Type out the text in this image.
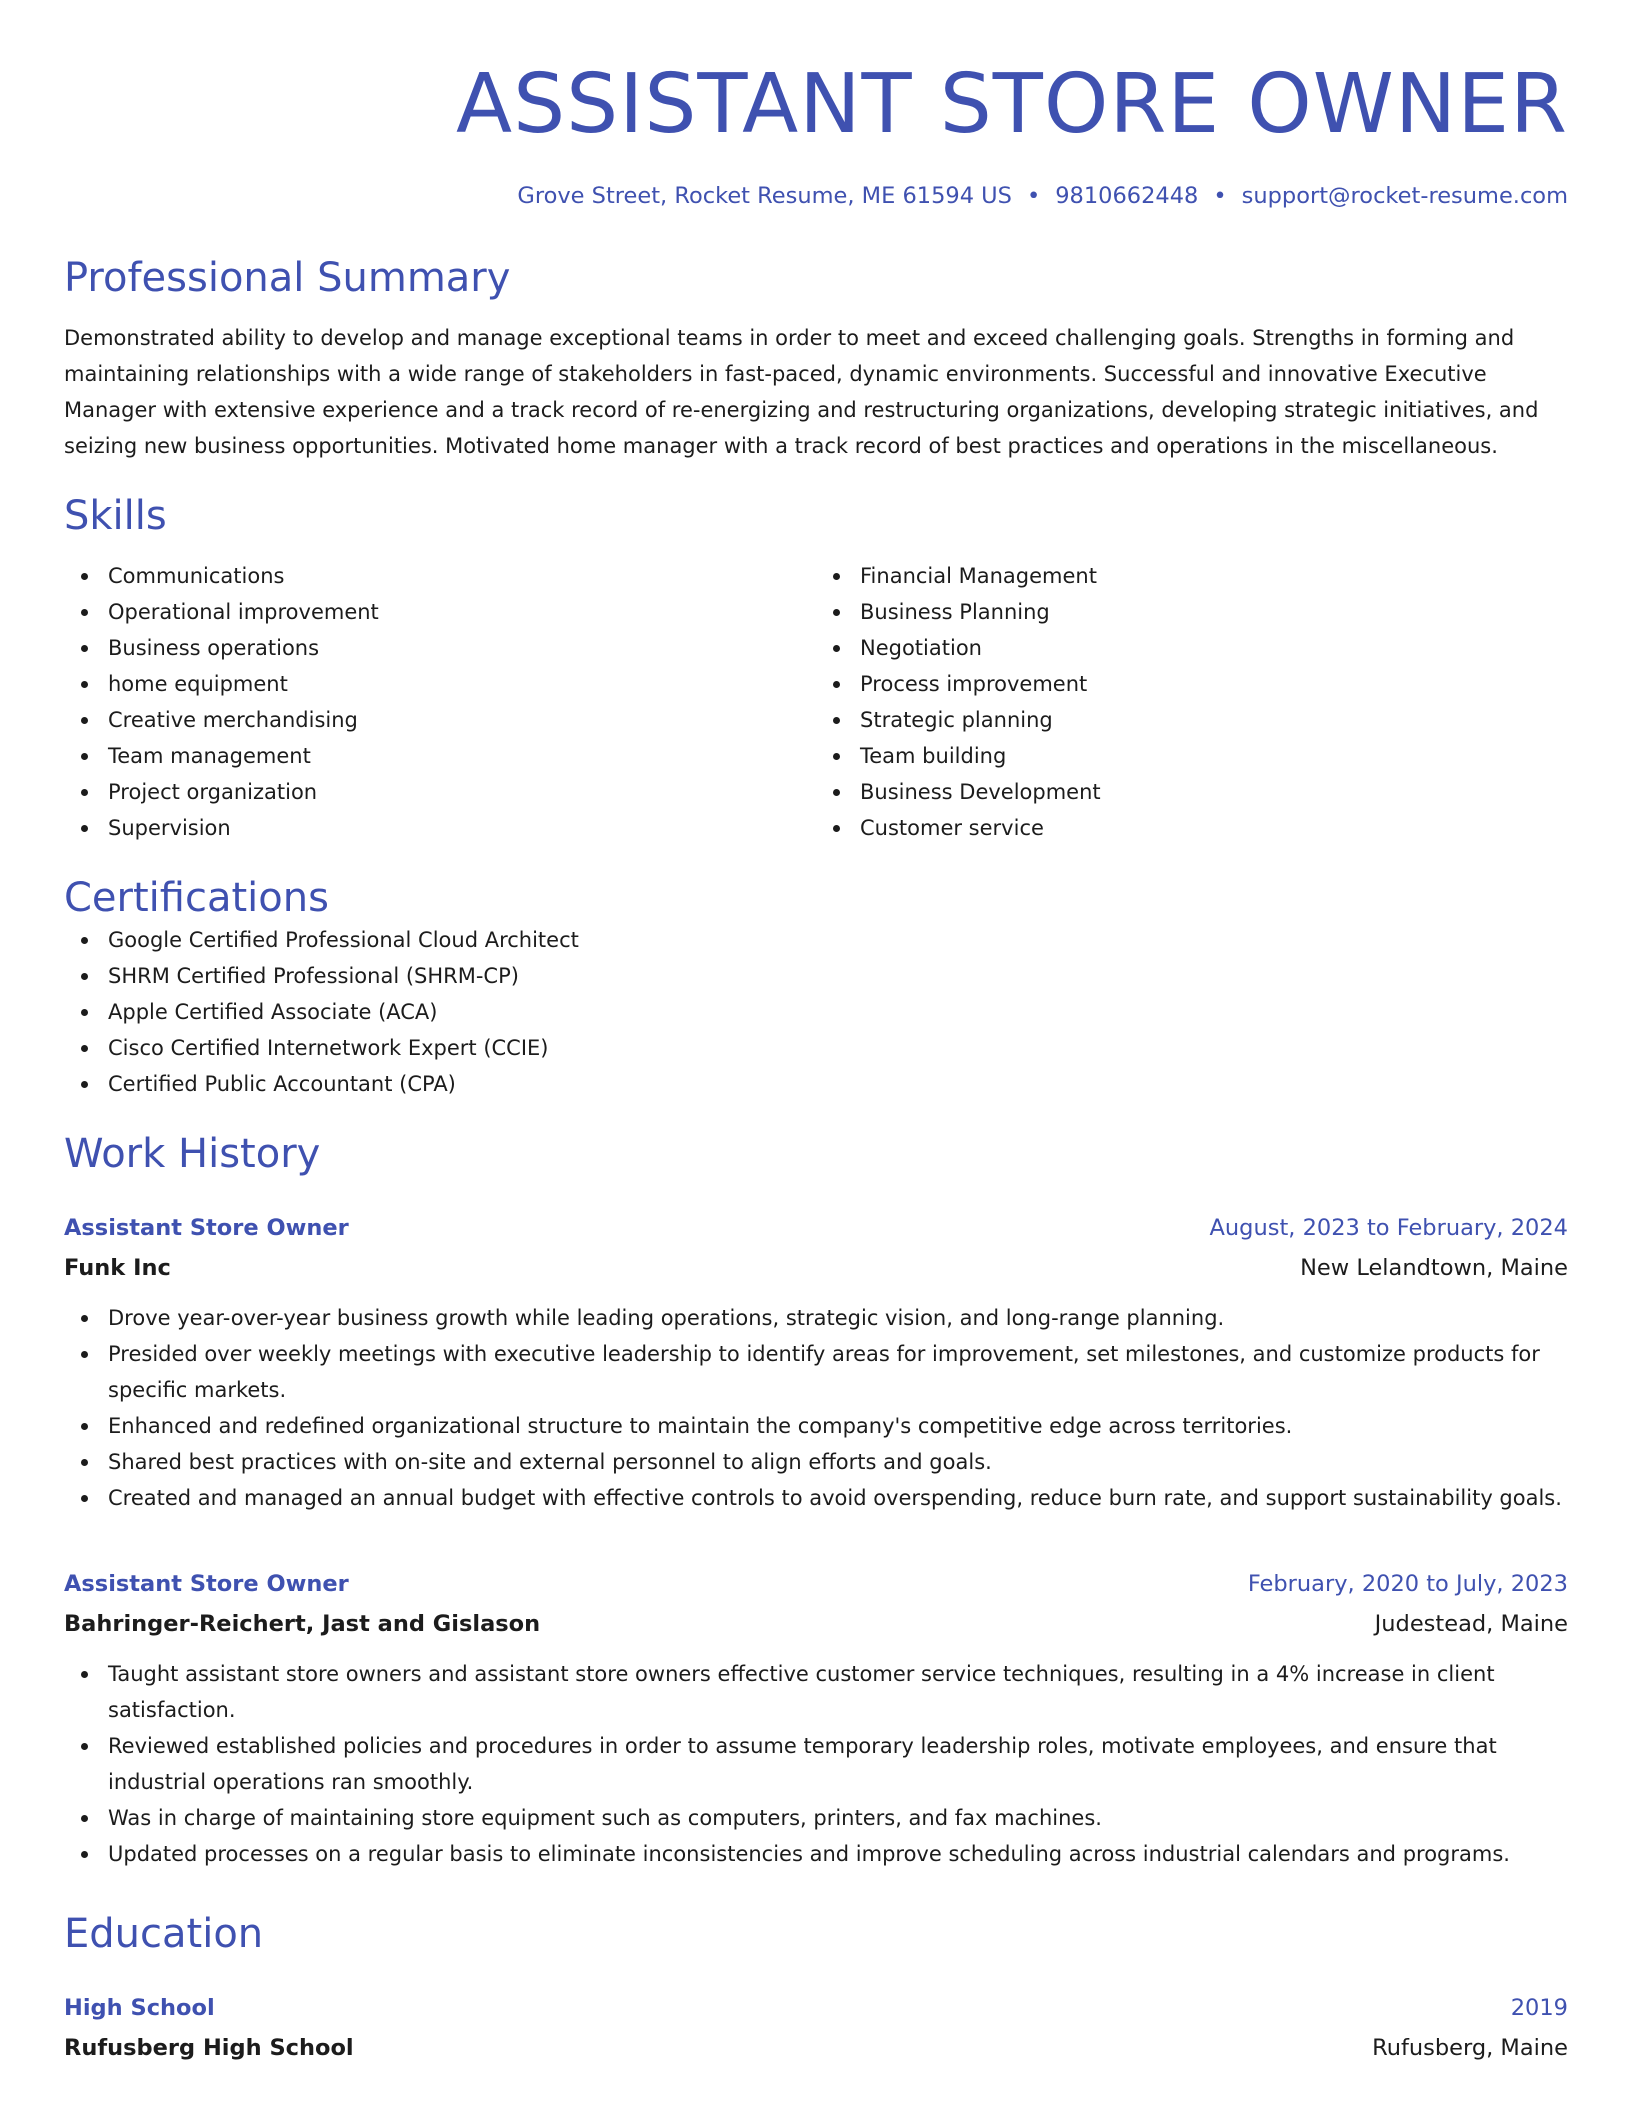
ASSISTANT STORE OWNER
Grove Street, Rocket Resume, ME 61594 US • 9810662448 • support@rocket-resume.com
Professional Summary
Demonstrated ability to develop and manage exceptional teams in order to meet and exceed challenging goals. Strengths in forming and maintaining relationships with a wide range of stakeholders in fast-paced, dynamic environments. Successful and innovative Executive Manager with extensive experience and a track record of re-energizing and restructuring organizations, developing strategic initiatives, and seizing new business opportunities. Motivated home manager with a track record of best practices and operations in the miscellaneous.
Skills
Communications
Operational improvement
Business operations
home equipment
Creative merchandising
Team management
Project organization
Supervision
Financial Management
Business Planning
Negotiation
Process improvement
Strategic planning
Team building
Business Development
Customer service
Certifications
Google Certified Professional Cloud Architect
SHRM Certified Professional (SHRM-CP)
Apple Certified Associate (ACA)
Cisco Certified Internetwork Expert (CCIE)
Certified Public Accountant (CPA)
Work History
Assistant Store Owner	August, 2023 to February, 2024
Funk Inc	New Lelandtown, Maine
Drove year-over-year business growth while leading operations, strategic vision, and long-range planning.
Presided over weekly meetings with executive leadership to identify areas for improvement, set milestones, and customize products for specific markets.
Enhanced and redefined organizational structure to maintain the company's competitive edge across territories.
Shared best practices with on-site and external personnel to align efforts and goals.
Created and managed an annual budget with effective controls to avoid overspending, reduce burn rate, and support sustainability goals.
Assistant Store Owner	February, 2020 to July, 2023
Bahringer-Reichert, Jast and Gislason	Judestead, Maine
Taught assistant store owners and assistant store owners effective customer service techniques, resulting in a 4% increase in client satisfaction.
Reviewed established policies and procedures in order to assume temporary leadership roles, motivate employees, and ensure that industrial operations ran smoothly.
Was in charge of maintaining store equipment such as computers, printers, and fax machines.
Updated processes on a regular basis to eliminate inconsistencies and improve scheduling across industrial calendars and programs.
Education
High School	2019
Rufusberg High School	Rufusberg, Maine
